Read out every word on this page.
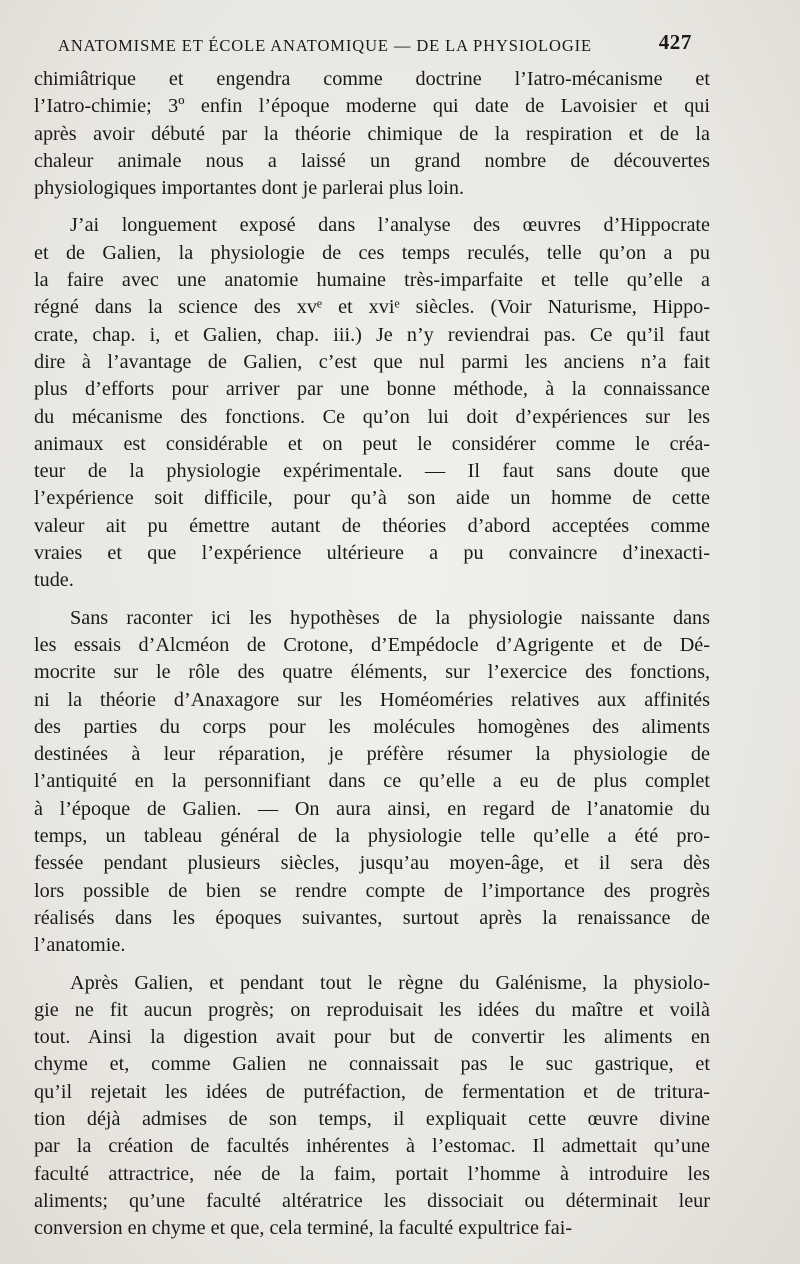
ANATOMISME ET ÉCOLE ANATOMIQUE — DE LA PHYSIOLOGIE	427
chimiâtrique et engendra comme doctrine l’Iatro-mécanisme et
l’Iatro-chimie; 3º enfin l’époque moderne qui date de Lavoisier et qui
après avoir débuté par la théorie chimique de la respiration et de la
chaleur animale nous a laissé un grand nombre de découvertes
physiologiques importantes dont je parlerai plus loin.
J’ai longuement exposé dans l’analyse des œuvres d’Hippocrate
et de Galien, la physiologie de ces temps reculés, telle qu’on a pu
la faire avec une anatomie humaine très-imparfaite et telle qu’elle a
régné dans la science des xvᵉ et xviᵉ siècles. (Voir Naturisme, Hippo-
crate, chap. i, et Galien, chap. iii.) Je n’y reviendrai pas. Ce qu’il faut
dire à l’avantage de Galien, c’est que nul parmi les anciens n’a fait
plus d’efforts pour arriver par une bonne méthode, à la connaissance
du mécanisme des fonctions. Ce qu’on lui doit d’expériences sur les
animaux est considérable et on peut le considérer comme le créa-
teur de la physiologie expérimentale. — Il faut sans doute que
l’expérience soit difficile, pour qu’à son aide un homme de cette
valeur ait pu émettre autant de théories d’abord acceptées comme
vraies et que l’expérience ultérieure a pu convaincre d’inexacti-
tude.
Sans raconter ici les hypothèses de la physiologie naissante dans
les essais d’Alcméon de Crotone, d’Empédocle d’Agrigente et de Dé-
mocrite sur le rôle des quatre éléments, sur l’exercice des fonctions,
ni la théorie d’Anaxagore sur les Homéoméries relatives aux affinités
des parties du corps pour les molécules homogènes des aliments
destinées à leur réparation, je préfère résumer la physiologie de
l’antiquité en la personnifiant dans ce qu’elle a eu de plus complet
à l’époque de Galien. — On aura ainsi, en regard de l’anatomie du
temps, un tableau général de la physiologie telle qu’elle a été pro-
fessée pendant plusieurs siècles, jusqu’au moyen-âge, et il sera dès
lors possible de bien se rendre compte de l’importance des progrès
réalisés dans les époques suivantes, surtout après la renaissance de
l’anatomie.
Après Galien, et pendant tout le règne du Galénisme, la physiolo-
gie ne fit aucun progrès; on reproduisait les idées du maître et voilà
tout. Ainsi la digestion avait pour but de convertir les aliments en
chyme et, comme Galien ne connaissait pas le suc gastrique, et
qu’il rejetait les idées de putréfaction, de fermentation et de tritura-
tion déjà admises de son temps, il expliquait cette œuvre divine
par la création de facultés inhérentes à l’estomac. Il admettait qu’une
faculté attractrice, née de la faim, portait l’homme à introduire les
aliments; qu’une faculté altératrice les dissociait ou déterminait leur
conversion en chyme et que, cela terminé, la faculté expultrice fai-
